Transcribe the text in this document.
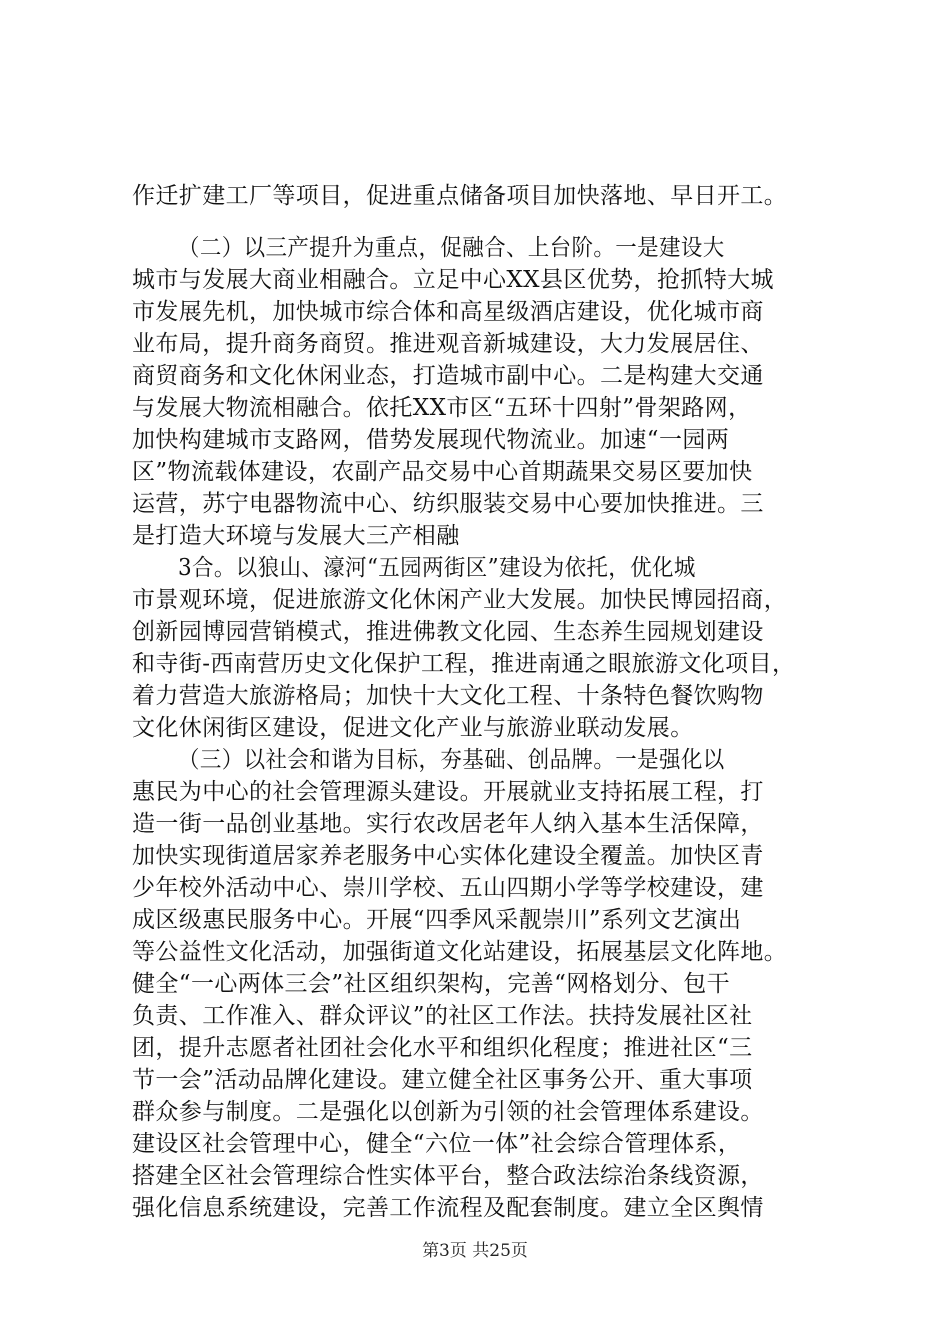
作迁扩建工厂等项目，促进重点储备项目加快落地、早日开工。
（二）以三产提升为重点，促融合、上台阶。一是建设大
城市与发展大商业相融合。立足中心XX县区优势，抢抓特大城
市发展先机，加快城市综合体和高星级酒店建设，优化城市商
业布局，提升商务商贸。推进观音新城建设，大力发展居住、
商贸商务和文化休闲业态，打造城市副中心。二是构建大交通
与发展大物流相融合。依托XX市区“五环十四射”骨架路网，
加快构建城市支路网，借势发展现代物流业。加速“一园两
区”物流载体建设，农副产品交易中心首期蔬果交易区要加快
运营，苏宁电器物流中心、纺织服装交易中心要加快推进。三
是打造大环境与发展大三产相融
3合。以狼山、濠河“五园两街区”建设为依托，优化城
市景观环境，促进旅游文化休闲产业大发展。加快民博园招商，
创新园博园营销模式，推进佛教文化园、生态养生园规划建设
和寺街-西南营历史文化保护工程，推进南通之眼旅游文化项目，
着力营造大旅游格局；加快十大文化工程、十条特色餐饮购物
文化休闲街区建设，促进文化产业与旅游业联动发展。
（三）以社会和谐为目标，夯基础、创品牌。一是强化以
惠民为中心的社会管理源头建设。开展就业支持拓展工程，打
造一街一品创业基地。实行农改居老年人纳入基本生活保障，
加快实现街道居家养老服务中心实体化建设全覆盖。加快区青
少年校外活动中心、崇川学校、五山四期小学等学校建设，建
成区级惠民服务中心。开展“四季风采靓崇川”系列文艺演出
等公益性文化活动，加强街道文化站建设，拓展基层文化阵地。
健全“一心两体三会”社区组织架构，完善“网格划分、包干
负责、工作准入、群众评议”的社区工作法。扶持发展社区社
团，提升志愿者社团社会化水平和组织化程度；推进社区“三
节一会”活动品牌化建设。建立健全社区事务公开、重大事项
群众参与制度。二是强化以创新为引领的社会管理体系建设。
建设区社会管理中心，健全“六位一体”社会综合管理体系，
搭建全区社会管理综合性实体平台，整合政法综治条线资源，
强化信息系统建设，完善工作流程及配套制度。建立全区舆情
第3页 共25页
